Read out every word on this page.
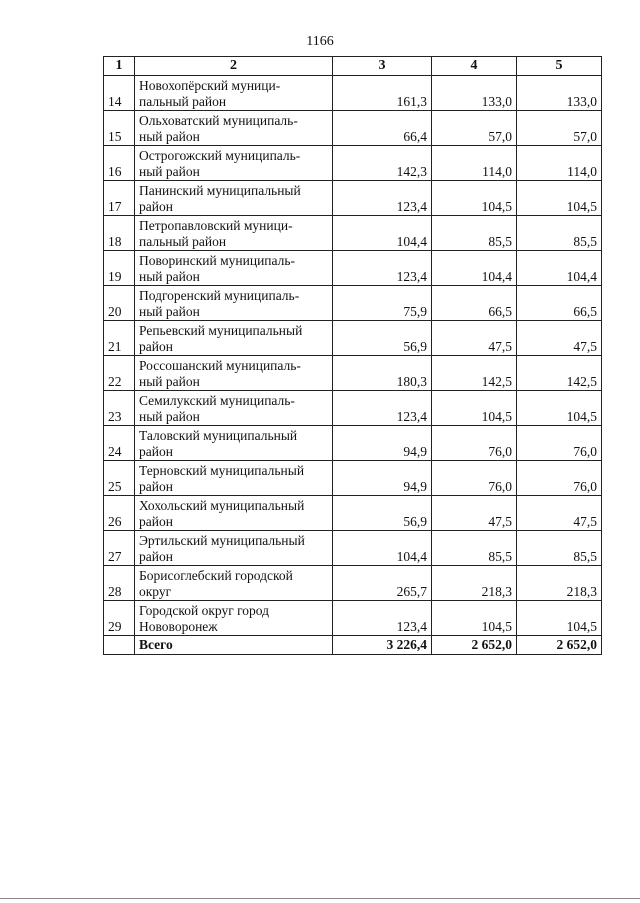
1166
1	2	3	4	5
14	Новохопёрский муници-
пальный район	161,3	133,0	133,0
15	Ольховатский муниципаль-
ный район	66,4	57,0	57,0
16	Острогожский муниципаль-
ный район	142,3	114,0	114,0
17	Панинский муниципальный
район	123,4	104,5	104,5
18	Петропавловский муници-
пальный район	104,4	85,5	85,5
19	Поворинский муниципаль-
ный район	123,4	104,4	104,4
20	Подгоренский муниципаль-
ный район	75,9	66,5	66,5
21	Репьевский муниципальный
район	56,9	47,5	47,5
22	Россошанский муниципаль-
ный район	180,3	142,5	142,5
23	Семилукский муниципаль-
ный район	123,4	104,5	104,5
24	Таловский муниципальный
район	94,9	76,0	76,0
25	Терновский муниципальный
район	94,9	76,0	76,0
26	Хохольский муниципальный
район	56,9	47,5	47,5
27	Эртильский муниципальный
район	104,4	85,5	85,5
28	Борисоглебский городской
округ	265,7	218,3	218,3
29	Городской округ город
Нововоронеж	123,4	104,5	104,5
	Всего	3 226,4	2 652,0	2 652,0
